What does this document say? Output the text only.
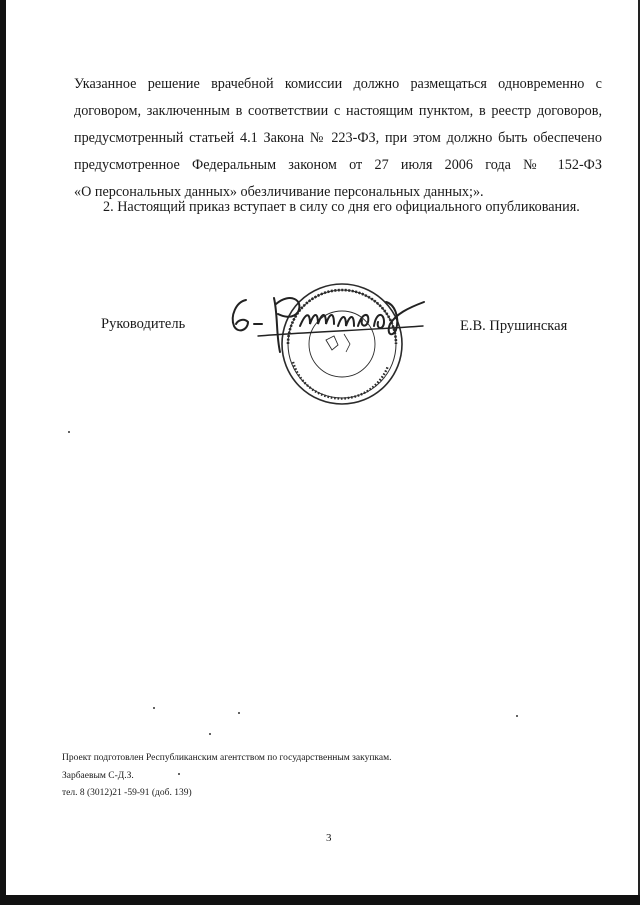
Указанное решение врачебной комиссии должно размещаться одновременно с
договором, заключенным в соответствии с настоящим пунктом, в реестр договоров,
предусмотренный статьей 4.1 Закона № 223-ФЗ, при этом должно быть обеспечено
предусмотренное Федеральным законом от 27 июля 2006 года № 152-ФЗ
«О персональных данных» обезличивание персональных данных;».
2. Настоящий приказ вступает в силу со дня его официального опубликования.
Руководитель	Е.В. Прушинская
Проект подготовлен Республиканским агентством по государственным закупкам.
Зарбаевым С-Д.З.
тел. 8 (3012)21 -59-91 (доб. 139)
3
